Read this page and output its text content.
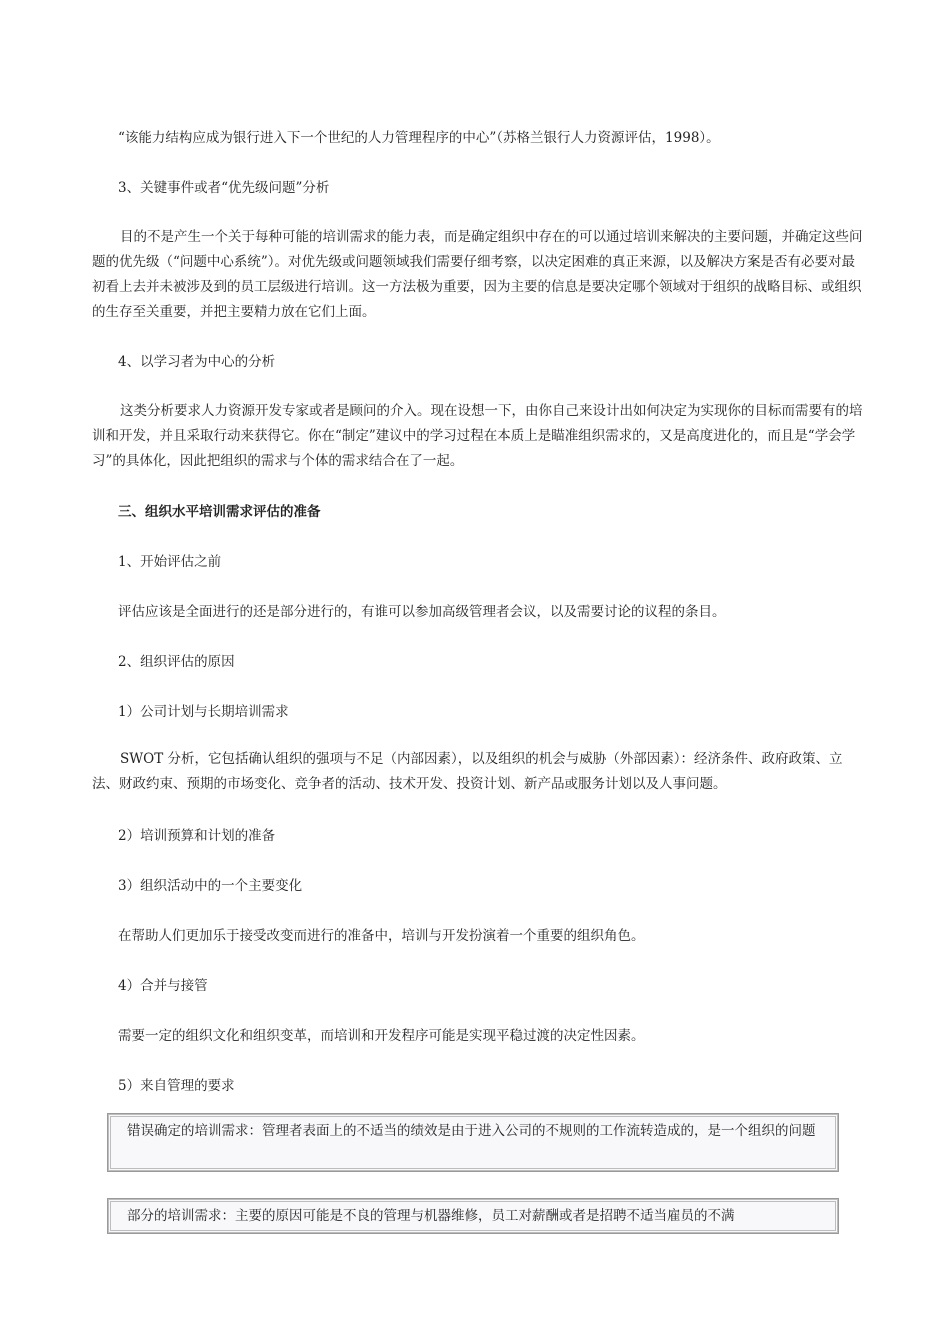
“该能力结构应成为银行进入下一个世纪的人力管理程序的中心”（苏格兰银行人力资源评估，1998）。
3、关键事件或者“优先级问题”分析
目的不是产生一个关于每种可能的培训需求的能力表，而是确定组织中存在的可以通过培训来解决的主要问题，并确定这些问题的优先级（“问题中心系统”）。对优先级或问题领域我们需要仔细考察，以决定困难的真正来源，以及解决方案是否有必要对最初看上去并未被涉及到的员工层级进行培训。这一方法极为重要，因为主要的信息是要决定哪个领域对于组织的战略目标、或组织的生存至关重要，并把主要精力放在它们上面。
4、以学习者为中心的分析
这类分析要求人力资源开发专家或者是顾问的介入。现在设想一下，由你自己来设计出如何决定为实现你的目标而需要有的培训和开发，并且采取行动来获得它。你在“制定”建议中的学习过程在本质上是瞄准组织需求的，又是高度进化的，而且是“学会学习”的具体化，因此把组织的需求与个体的需求结合在了一起。
三、组织水平培训需求评估的准备
1、开始评估之前
评估应该是全面进行的还是部分进行的，有谁可以参加高级管理者会议，以及需要讨论的议程的条目。
2、组织评估的原因
1）公司计划与长期培训需求
SWOT 分析，它包括确认组织的强项与不足（内部因素），以及组织的机会与威胁（外部因素）：经济条件、政府政策、立法、财政约束、预期的市场变化、竞争者的活动、技术开发、投资计划、新产品或服务计划以及人事问题。
2）培训预算和计划的准备
3）组织活动中的一个主要变化
在帮助人们更加乐于接受改变而进行的准备中，培训与开发扮演着一个重要的组织角色。
4）合并与接管
需要一定的组织文化和组织变革，而培训和开发程序可能是实现平稳过渡的决定性因素。
5）来自管理的要求
错误确定的培训需求：管理者表面上的不适当的绩效是由于进入公司的不规则的工作流转造成的，是一个组织的问题
部分的培训需求：主要的原因可能是不良的管理与机器维修，员工对薪酬或者是招聘不适当雇员的不满
